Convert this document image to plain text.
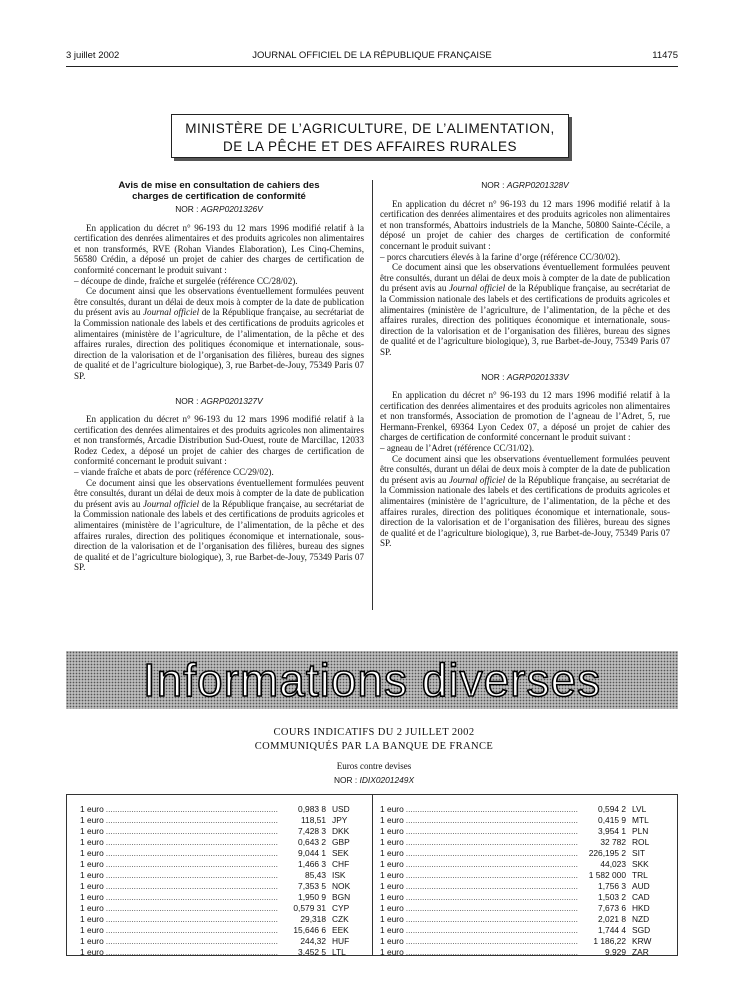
3 juillet 2002	JOURNAL OFFICIEL DE LA RÉPUBLIQUE FRANÇAISE	11475
MINISTÈRE DE L’AGRICULTURE, DE L’ALIMENTATION,
DE LA PÊCHE ET DES AFFAIRES RURALES
Avis de mise en consultation de cahiers des charges de certification de conformité

NOR : AGRP0201326V

En application du décret n° 96-193 du 12 mars 1996 modifié relatif à la certification des denrées alimentaires et des produits agricoles non alimentaires et non transformés, RVE (Rohan Viandes Elaboration), Les Cinq-Chemins, 56580 Crédin, a déposé un projet de cahier des charges de certification de conformité concernant le produit suivant :

– découpe de dinde, fraîche et surgelée (référence CC/28/02).

Ce document ainsi que les observations éventuellement formulées peuvent être consultés, durant un délai de deux mois à compter de la date de publication du présent avis au Journal officiel de la République française, au secrétariat de la Commission nationale des labels et des certifications de produits agricoles et alimentaires (ministère de l’agriculture, de l’alimentation, de la pêche et des affaires rurales, direction des politiques économique et internationale, sous-direction de la valorisation et de l’organisation des filières, bureau des signes de qualité et de l’agriculture biologique), 3, rue Barbet-de-Jouy, 75349 Paris 07 SP.

NOR : AGRP0201327V

En application du décret n° 96-193 du 12 mars 1996 modifié relatif à la certification des denrées alimentaires et des produits agricoles non alimentaires et non transformés, Arcadie Distribution Sud-Ouest, route de Marcillac, 12033 Rodez Cedex, a déposé un projet de cahier des charges de certification de conformité concernant le produit suivant :

– viande fraîche et abats de porc (référence CC/29/02).

Ce document ainsi que les observations éventuellement formulées peuvent être consultés, durant un délai de deux mois à compter de la date de publication du présent avis au Journal officiel de la République française, au secrétariat de la Commission nationale des labels et des certifications de produits agricoles et alimentaires (ministère de l’agriculture, de l’alimentation, de la pêche et des affaires rurales, direction des politiques économique et internationale, sous-direction de la valorisation et de l’organisation des filières, bureau des signes de qualité et de l’agriculture biologique), 3, rue Barbet-de-Jouy, 75349 Paris 07 SP.

NOR : AGRP0201328V

En application du décret n° 96-193 du 12 mars 1996 modifié relatif à la certification des denrées alimentaires et des produits agricoles non alimentaires et non transformés, Abattoirs industriels de la Manche, 50800 Sainte-Cécile, a déposé un projet de cahier des charges de certification de conformité concernant le produit suivant :

– porcs charcutiers élevés à la farine d’orge (référence CC/30/02).

Ce document ainsi que les observations éventuellement formulées peuvent être consultés, durant un délai de deux mois à compter de la date de publication du présent avis au Journal officiel de la République française, au secrétariat de la Commission nationale des labels et des certifications de produits agricoles et alimentaires (ministère de l’agriculture, de l’alimentation, de la pêche et des affaires rurales, direction des politiques économique et internationale, sous-direction de la valorisation et de l’organisation des filières, bureau des signes de qualité et de l’agriculture biologique), 3, rue Barbet-de-Jouy, 75349 Paris 07 SP.

NOR : AGRP0201333V

En application du décret n° 96-193 du 12 mars 1996 modifié relatif à la certification des denrées alimentaires et des produits agricoles non alimentaires et non transformés, Association de promotion de l’agneau de l’Adret, 5, rue Hermann-Frenkel, 69364 Lyon Cedex 07, a déposé un projet de cahier des charges de certification de conformité concernant le produit suivant :

– agneau de l’Adret (référence CC/31/02).

Ce document ainsi que les observations éventuellement formulées peuvent être consultés, durant un délai de deux mois à compter de la date de publication du présent avis au Journal officiel de la République française, au secrétariat de la Commission nationale des labels et des certifications de produits agricoles et alimentaires (ministère de l’agriculture, de l’alimentation, de la pêche et des affaires rurales, direction des politiques économique et internationale, sous-direction de la valorisation et de l’organisation des filières, bureau des signes de qualité et de l’agriculture biologique), 3, rue Barbet-de-Jouy, 75349 Paris 07 SP.

Informations diverses
COURS INDICATIFS DU 2 JUILLET 2002
COMMUNIQUÉS PAR LA BANQUE DE FRANCE
Euros contre devises
NOR : IDIX0201249X
1 euro .....	0,983 8 USD
1 euro .....	118,51 JPY
1 euro .....	7,428 3 DKK
1 euro .....	0,643 2 GBP
1 euro .....	9,044 1 SEK
1 euro .....	1,466 3 CHF
1 euro .....	85,43 ISK
1 euro .....	7,353 5 NOK
1 euro .....	1,950 9 BGN
1 euro .....	0,579 31 CYP
1 euro .....	29,318 CZK
1 euro .....	15,646 6 EEK
1 euro .....	244,32 HUF
1 euro .....	3,452 5 LTL
1 euro .....	0,594 2 LVL
1 euro .....	0,415 9 MTL
1 euro .....	3,954 1 PLN
1 euro .....	32 782 ROL
1 euro .....	226,195 2 SIT
1 euro .....	44,023 SKK
1 euro .....	1 582 000 TRL
1 euro .....	1,756 3 AUD
1 euro .....	1,503 2 CAD
1 euro .....	7,673 6 HKD
1 euro .....	2,021 8 NZD
1 euro .....	1,744 4 SGD
1 euro .....	1 186,22 KRW
1 euro .....	9,929 ZAR
